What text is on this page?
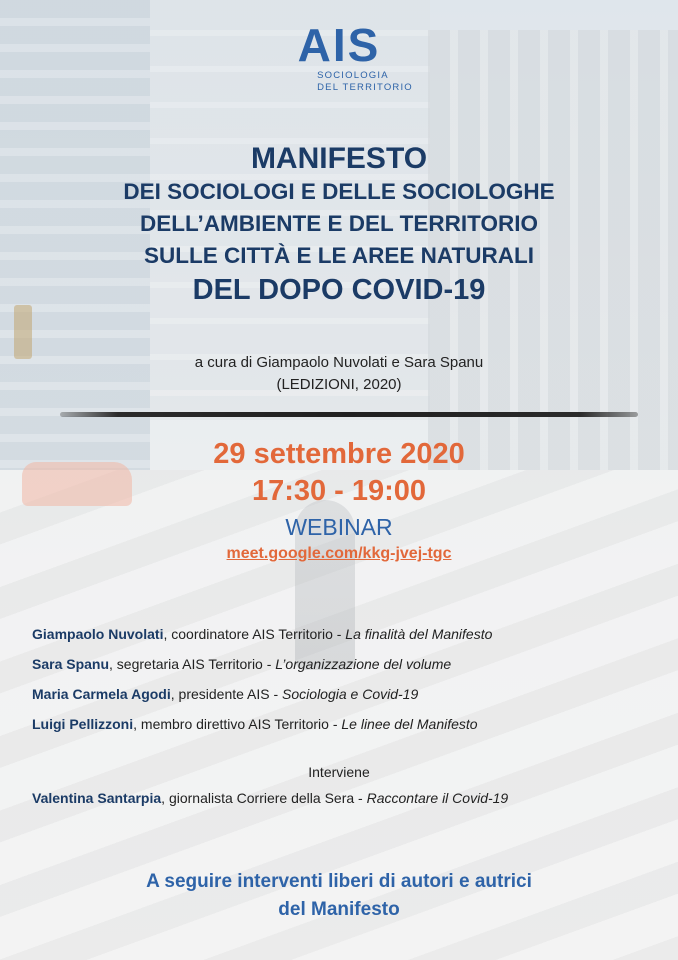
AIS
SOCIOLOGIA
DEL TERRITORIO
MANIFESTO
DEI SOCIOLOGI E DELLE SOCIOLOGHE
DELL’AMBIENTE E DEL TERRITORIO
SULLE CITTÀ E LE AREE NATURALI
DEL DOPO COVID-19
a cura di Giampaolo Nuvolati e Sara Spanu
(LEDIZIONI, 2020)
29 settembre 2020
17:30 - 19:00
WEBINAR
meet.google.com/kkg-jvej-tgc
Giampaolo Nuvolati, coordinatore AIS Territorio - La finalità del Manifesto
Sara Spanu, segretaria AIS Territorio - L’organizzazione del volume
Maria Carmela Agodi, presidente AIS - Sociologia e Covid-19
Luigi Pellizzoni, membro direttivo AIS Territorio - Le linee del Manifesto
Interviene
Valentina Santarpia, giornalista Corriere della Sera - Raccontare il Covid-19
A seguire interventi liberi di autori e autrici
del Manifesto
